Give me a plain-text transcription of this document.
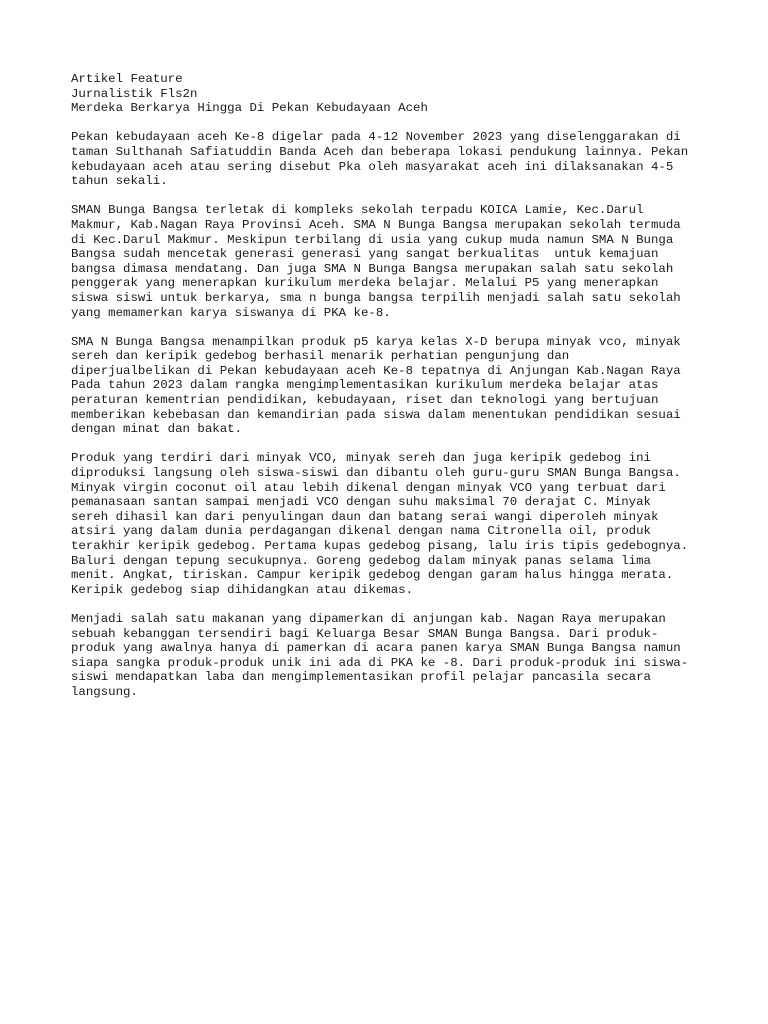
Artikel Feature
Jurnalistik Fls2n
Merdeka Berkarya Hingga Di Pekan Kebudayaan Aceh
Pekan kebudayaan aceh Ke-8 digelar pada 4-12 November 2023 yang diselenggarakan di
taman Sulthanah Safiatuddin Banda Aceh dan beberapa lokasi pendukung lainnya. Pekan
kebudayaan aceh atau sering disebut Pka oleh masyarakat aceh ini dilaksanakan 4-5
tahun sekali.
SMAN Bunga Bangsa terletak di kompleks sekolah terpadu KOICA Lamie, Kec.Darul
Makmur, Kab.Nagan Raya Provinsi Aceh. SMA N Bunga Bangsa merupakan sekolah termuda
di Kec.Darul Makmur. Meskipun terbilang di usia yang cukup muda namun SMA N Bunga
Bangsa sudah mencetak generasi generasi yang sangat berkualitas  untuk kemajuan
bangsa dimasa mendatang. Dan juga SMA N Bunga Bangsa merupakan salah satu sekolah
penggerak yang menerapkan kurikulum merdeka belajar. Melalui P5 yang menerapkan
siswa siswi untuk berkarya, sma n bunga bangsa terpilih menjadi salah satu sekolah
yang memamerkan karya siswanya di PKA ke-8.
SMA N Bunga Bangsa menampilkan produk p5 karya kelas X-D berupa minyak vco, minyak
sereh dan keripik gedebog berhasil menarik perhatian pengunjung dan
diperjualbelikan di Pekan kebudayaan aceh Ke-8 tepatnya di Anjungan Kab.Nagan Raya
Pada tahun 2023 dalam rangka mengimplementasikan kurikulum merdeka belajar atas
peraturan kementrian pendidikan, kebudayaan, riset dan teknologi yang bertujuan
memberikan kebebasan dan kemandirian pada siswa dalam menentukan pendidikan sesuai
dengan minat dan bakat.
Produk yang terdiri dari minyak VCO, minyak sereh dan juga keripik gedebog ini
diproduksi langsung oleh siswa-siswi dan dibantu oleh guru-guru SMAN Bunga Bangsa.
Minyak virgin coconut oil atau lebih dikenal dengan minyak VCO yang terbuat dari
pemanasaan santan sampai menjadi VCO dengan suhu maksimal 70 derajat C. Minyak
sereh dihasil kan dari penyulingan daun dan batang serai wangi diperoleh minyak
atsiri yang dalam dunia perdagangan dikenal dengan nama Citronella oil, produk
terakhir keripik gedebog. Pertama kupas gedebog pisang, lalu iris tipis gedebognya.
Baluri dengan tepung secukupnya. Goreng gedebog dalam minyak panas selama lima
menit. Angkat, tiriskan. Campur keripik gedebog dengan garam halus hingga merata.
Keripik gedebog siap dihidangkan atau dikemas.
Menjadi salah satu makanan yang dipamerkan di anjungan kab. Nagan Raya merupakan
sebuah kebanggan tersendiri bagi Keluarga Besar SMAN Bunga Bangsa. Dari produk-
produk yang awalnya hanya di pamerkan di acara panen karya SMAN Bunga Bangsa namun
siapa sangka produk-produk unik ini ada di PKA ke -8. Dari produk-produk ini siswa-
siswi mendapatkan laba dan mengimplementasikan profil pelajar pancasila secara
langsung.
